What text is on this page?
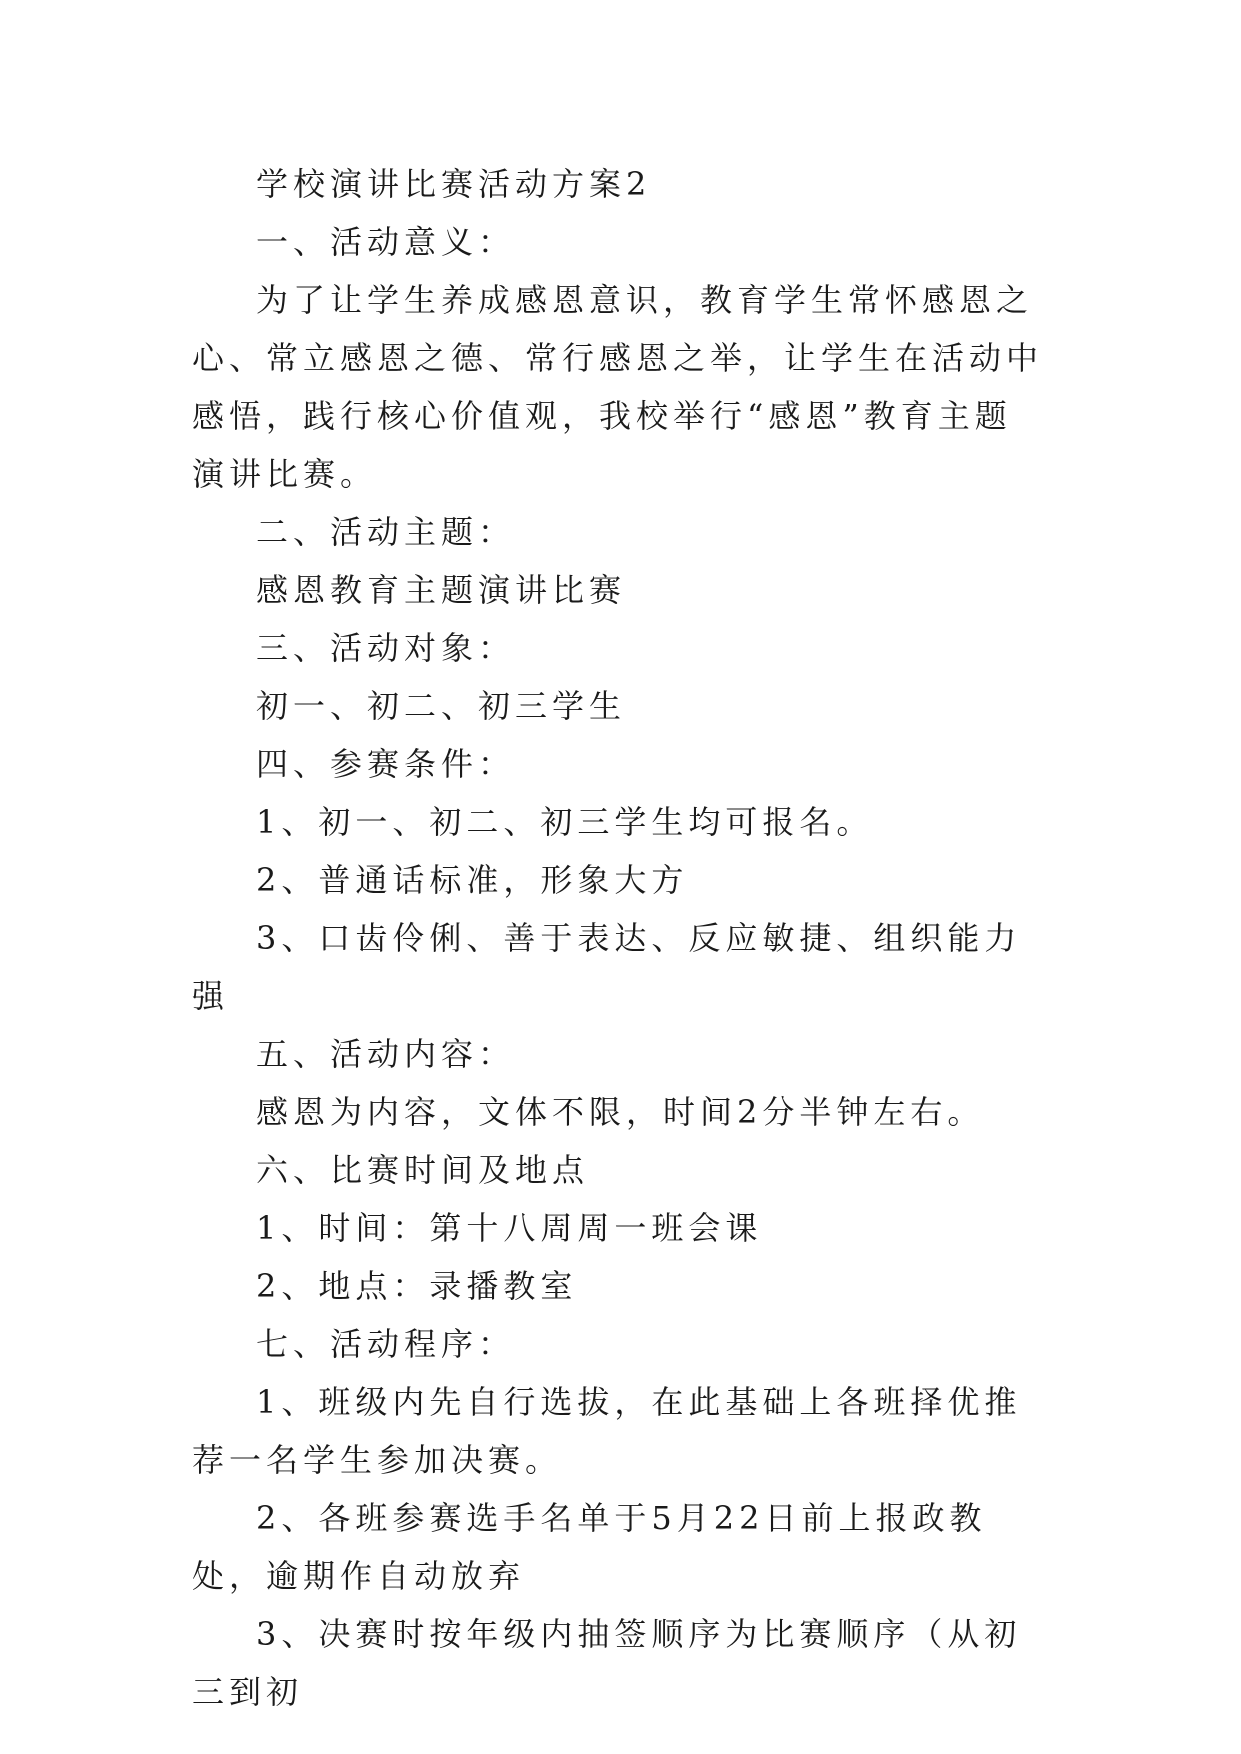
学校演讲比赛活动方案2

一、活动意义：

为了让学生养成感恩意识，教育学生常怀感恩之心、常立感恩之德、常行感恩之举，让学生在活动中感悟，践行核心价值观，我校举行“感恩”教育主题演讲比赛。

二、活动主题：

感恩教育主题演讲比赛

三、活动对象：

初一、初二、初三学生

四、参赛条件：

1、初一、初二、初三学生均可报名。

2、普通话标准，形象大方

3、口齿伶俐、善于表达、反应敏捷、组织能力强

五、活动内容：

感恩为内容，文体不限，时间2分半钟左右。

六、比赛时间及地点

1、时间：第十八周周一班会课

2、地点：录播教室

七、活动程序：

1、班级内先自行选拔，在此基础上各班择优推荐一名学生参加决赛。

2、各班参赛选手名单于5月22日前上报政教处，逾期作自动放弃

3、决赛时按年级内抽签顺序为比赛顺序（从初三到初
